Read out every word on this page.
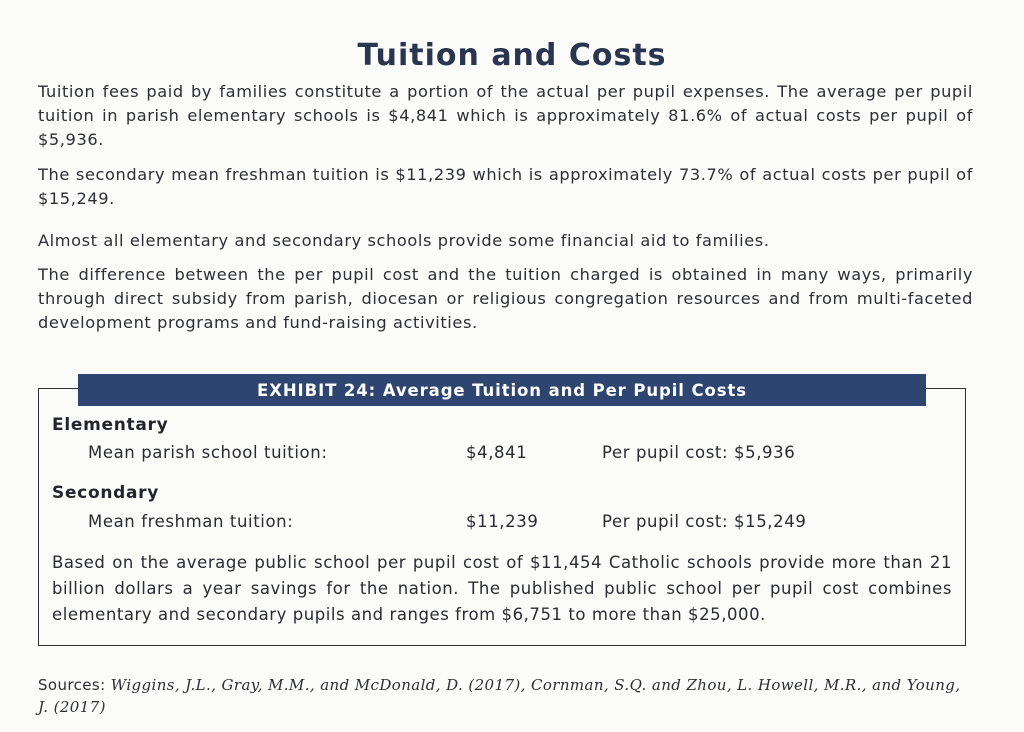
Tuition and Costs

Tuition fees paid by families constitute a portion of the actual per pupil expenses. The average per pupil tuition in parish elementary schools is $4,841 which is approximately 81.6% of actual costs per pupil of $5,936.

The secondary mean freshman tuition is $11,239 which is approximately 73.7% of actual costs per pupil of $15,249.

Almost all elementary and secondary schools provide some financial aid to families.

The difference between the per pupil cost and the tuition charged is obtained in many ways, primarily through direct subsidy from parish, diocesan or religious congregation resources and from multi-faceted development programs and fund-raising activities.

EXHIBIT 24: Average Tuition and Per Pupil Costs
Elementary
Mean parish school tuition:	$4,841	Per pupil cost: $5,936
Secondary
Mean freshman tuition:	$11,239	Per pupil cost: $15,249

Based on the average public school per pupil cost of $11,454 Catholic schools provide more than 21 billion dollars a year savings for the nation. The published public school per pupil cost combines elementary and secondary pupils and ranges from $6,751 to more than $25,000.

Sources: Wiggins, J.L., Gray, M.M., and McDonald, D. (2017), Cornman, S.Q. and Zhou, L. Howell, M.R., and Young, J. (2017)
